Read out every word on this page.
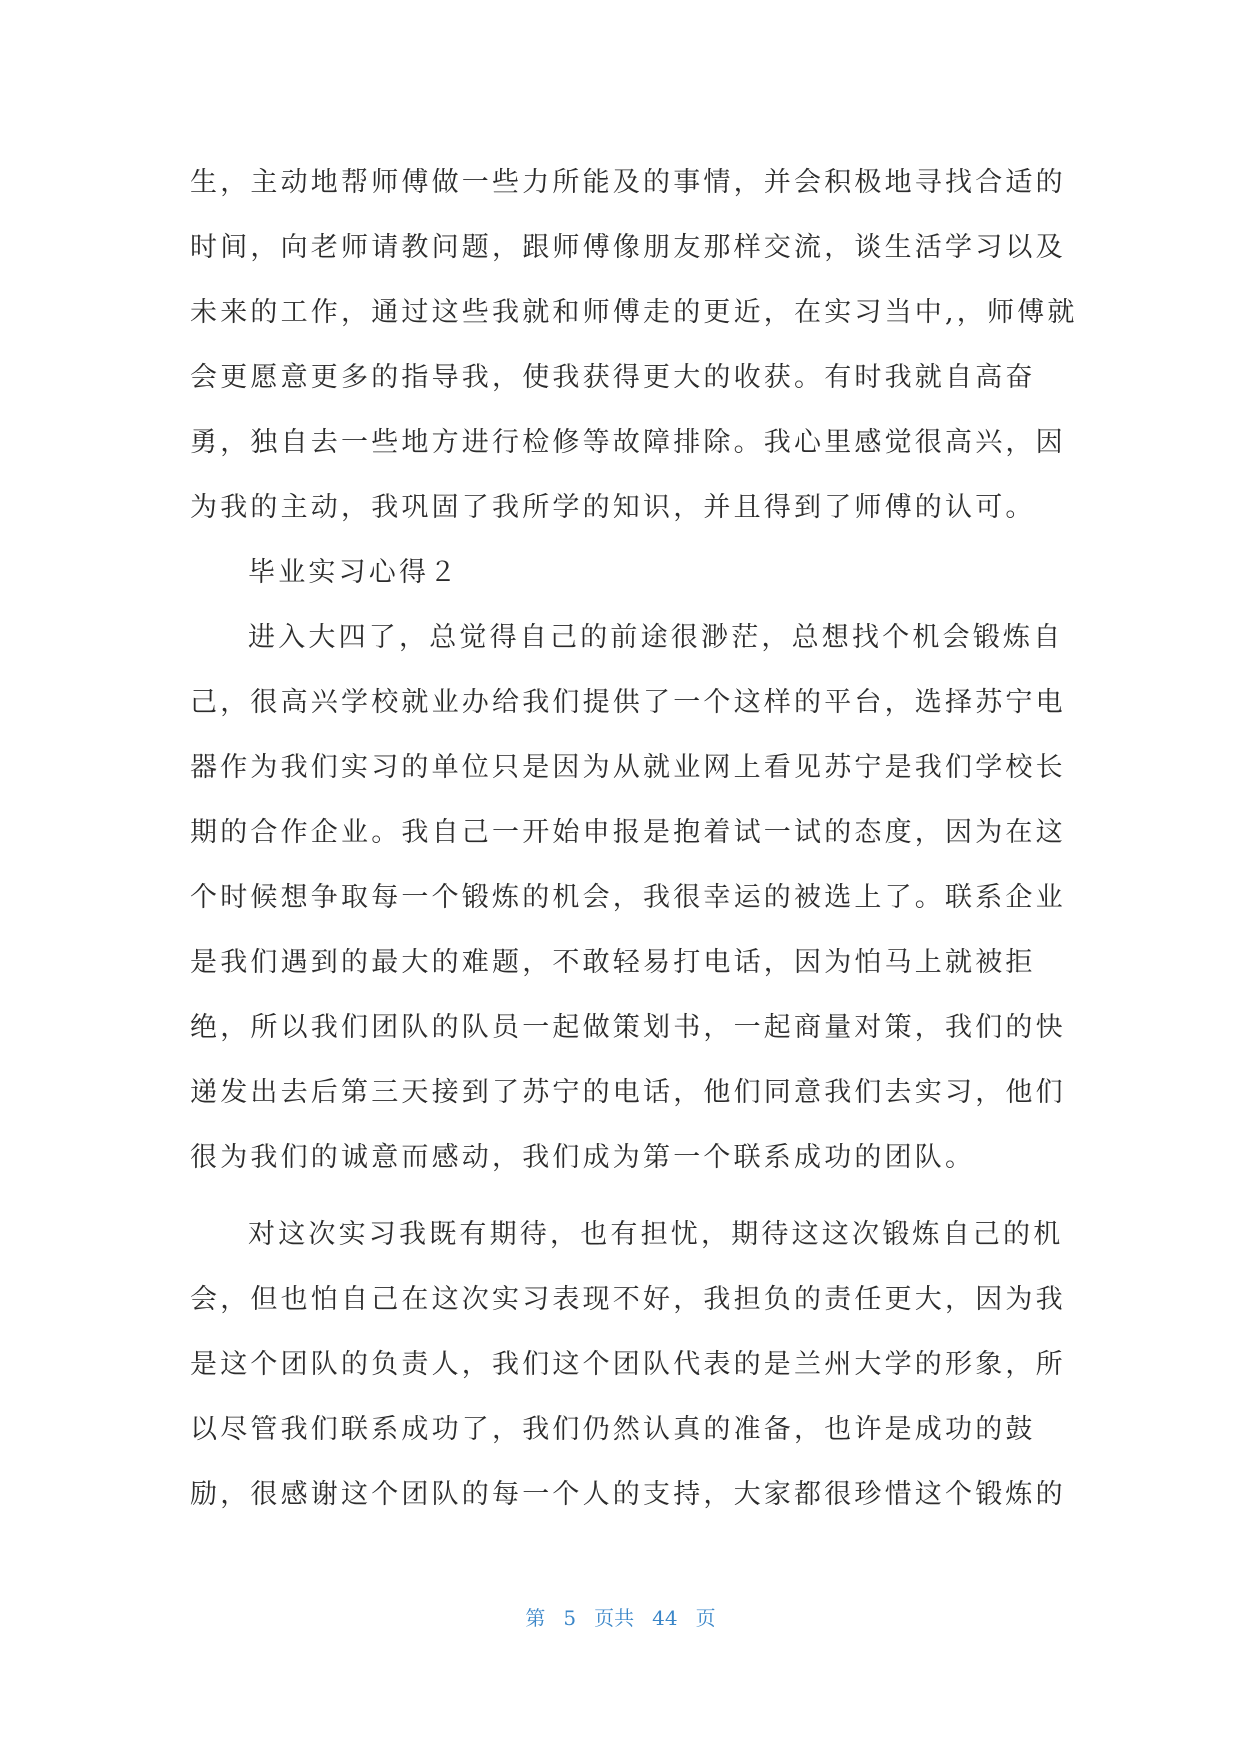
生，主动地帮师傅做一些力所能及的事情，并会积极地寻找合适的
时间，向老师请教问题，跟师傅像朋友那样交流，谈生活学习以及
未来的工作，通过这些我就和师傅走的更近，在实习当中,，师傅就
会更愿意更多的指导我，使我获得更大的收获。有时我就自高奋
勇，独自去一些地方进行检修等故障排除。我心里感觉很高兴，因
为我的主动，我巩固了我所学的知识，并且得到了师傅的认可。
毕业实习心得２
进入大四了，总觉得自己的前途很渺茫，总想找个机会锻炼自
己，很高兴学校就业办给我们提供了一个这样的平台，选择苏宁电
器作为我们实习的单位只是因为从就业网上看见苏宁是我们学校长
期的合作企业。我自己一开始申报是抱着试一试的态度，因为在这
个时候想争取每一个锻炼的机会，我很幸运的被选上了。联系企业
是我们遇到的最大的难题，不敢轻易打电话，因为怕马上就被拒
绝，所以我们团队的队员一起做策划书，一起商量对策，我们的快
递发出去后第三天接到了苏宁的电话，他们同意我们去实习，他们
很为我们的诚意而感动，我们成为第一个联系成功的团队。
对这次实习我既有期待，也有担忧，期待这这次锻炼自己的机
会，但也怕自己在这次实习表现不好，我担负的责任更大，因为我
是这个团队的负责人，我们这个团队代表的是兰州大学的形象，所
以尽管我们联系成功了，我们仍然认真的准备，也许是成功的鼓
励，很感谢这个团队的每一个人的支持，大家都很珍惜这个锻炼的
第 5 页共 44 页
